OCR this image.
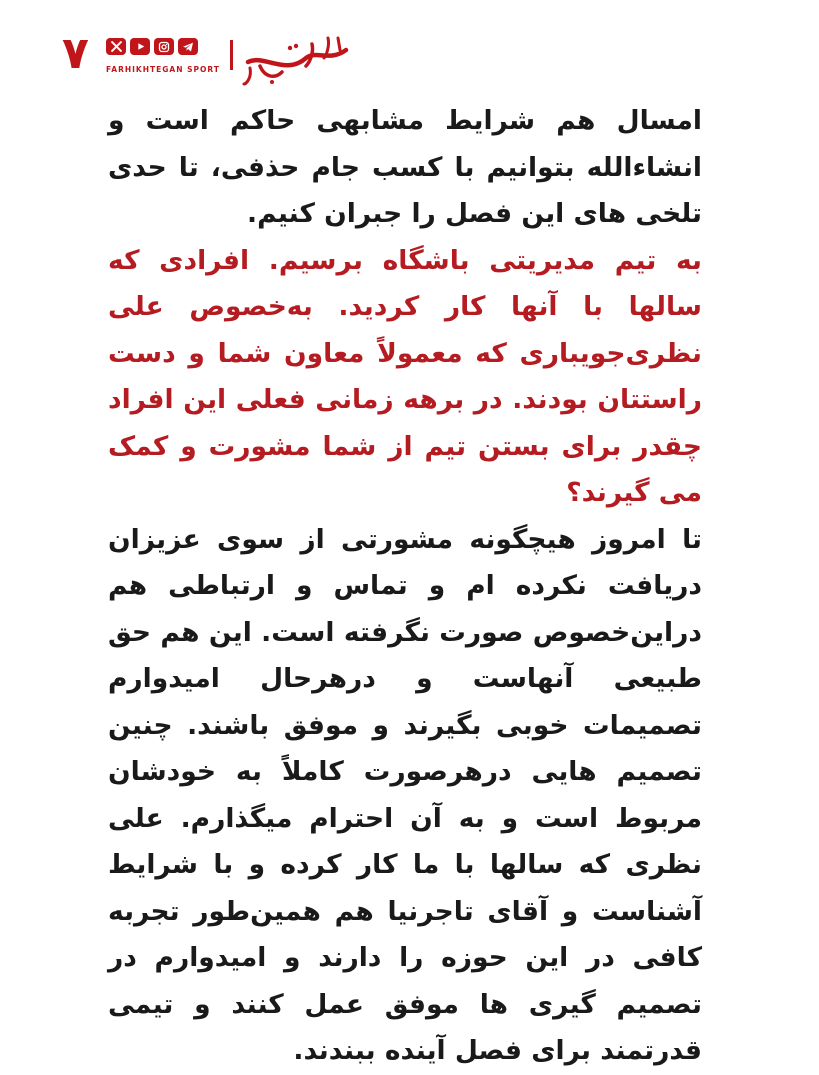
۷ FARHIKHTEGAN SPORT

امسال هم شرایط مشابهی حاکم است و انشاءالله بتوانیم با کسب جام حذفی، تا حدی تلخی های این فصل را جبران کنیم.

به تیم مدیریتی باشگاه برسیم. افرادی که سالها با آنها کار کردید. به‌خصوص علی نظری‌جویباری که معمولاً معاون شما و دست راستتان بودند. در برهه زمانی فعلی این افراد چقدر برای بستن تیم از شما مشورت و کمک می گیرند؟

تا امروز هیچگونه مشورتی از سوی عزیزان دریافت نکرده ام و تماس و ارتباطی هم دراین‌خصوص صورت نگرفته است. این هم حق طبیعی آنهاست و درهرحال امیدوارم تصمیمات خوبی بگیرند و موفق باشند. چنین تصمیم هایی درهرصورت کاملاً به خودشان مربوط است و به آن احترام میگذارم. علی نظری که سالها با ما کار کرده و با شرایط آشناست و آقای تاجرنیا هم همین‌طور تجربه کافی در این حوزه را دارند و امیدوارم در تصمیم گیری ها موفق عمل کنند و تیمی قدرتمند برای فصل آینده ببندند.
